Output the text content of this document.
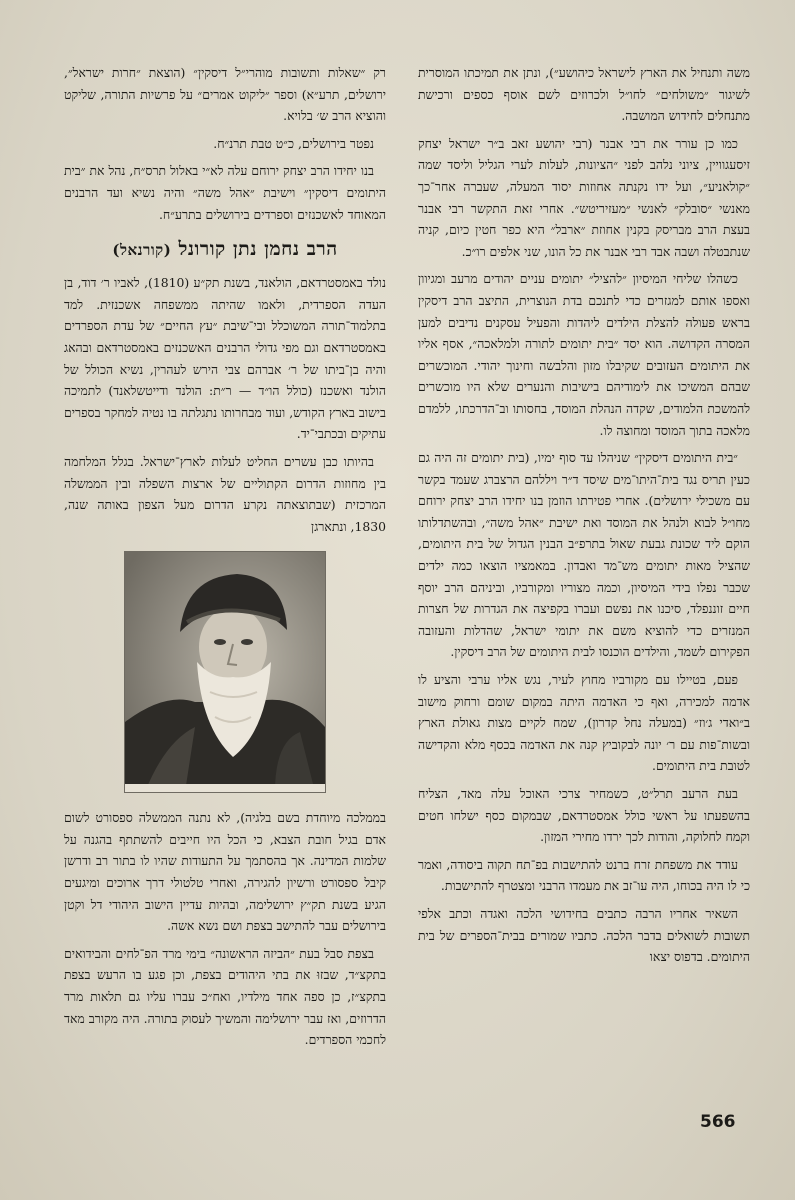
משה ותנחיל את הארץ לישראל כיהושע״), ונתן את תמיכתו המוסרית לשיגור ״משולחים״ לחו״ל ולכרוזים לשם אוסף כספים ורכישת מתנחלים לחידוש המושבה.

כמו כן עורר את רבי אבנר (רבי יהושע זאב ב״ר ישראל יצחק זיסעגוויין, ציוני נלהב לפני ״הציונות, לעלות לערי הגליל וליסד שמה ״קולאניע״, ועל ידו נקנתה אחוזות יסוד המעלה, שעברה אחר־כך מאנשי ״סובלק״ לאנשי ״מעזיריטש״. אחרי זאת התקשר רבי אבנר בעצת הרב מבריסק בקנין אחוזת ״ארבל״ היא כפר חטין כיום, קניה שנתבטלה ושבה אבד רבי אבנר את כל הונו, שני אלפים רו״כ.

כשהלו שליחי המיסיון ״להציל״ יתומים עניים יהודים מרעב ומגיוון ואספו אותם למגזרים כדי לתנכם בדת הנוצרית, התיצב הרב דיסקין בראש פעולה להצלת הילדים ליהדות והפעיל עסקנים נדיבים למען המסרה הקדושה. הוא יסד ״בית יתומים לתורה ולמלאכה״, אסף אליו את היתומים העזובים שקיבלו מזון והלבשה וחינוך יהודי. המוכשרים שבהם המשיכו את לימודיהם בישיבות והנערים שלא היו מוכשרים להמשכת הלמודים, שקדה הנהלת המוסד, בחסותו וב־הדרכתו, ללמדם מלאכה בתוך המוסד ומחוצה לו.

״בית היתומים דיסקין״ שניהלו עד סוף ימיו, (בית יתומים זה היה גם כעין תריס נגד בית־היתו־מים שיסד ד״ר ויללהם הרצברג שעמד בקשר עם משכילי ירושלים). אחרי פטירתו הוזמן בנו יחידו הרב יצחק ירוחם מחו״ל לבוא ולנהל את המוסד ואת ישיבת ״אהל משה״, ובהשתדלותו הוקם ליד שכונת גבעת שאול בתרפ״ב הבנין הגדול של בית היתומים, שהציל מאות יתומים מש־מד ואבדון. במאמציו הוצאו כמה ילדים שכבר נפלו בידי המיסיון, וכמה מצוריו ומקורביו, וביניהם הרב יוסף חיים זוננפלד, סיכנו את נפשם ועברו בקפיצה את הגדרות של חצרות המנזרים כדי להוציא משם את יתומי ישראל, שהדלות והעזובה הפקירום לשמד, והילדים הוכנסו לבית היתומים של הרב דיסקין.

פעם, בטיילו עם מקורביו מחוץ לעיר, נגש אליו ערבי והציע לו אדמה למכירה, ואף כי האדמה היתה במקום שומם ורחוק מישוב ב״ואדי ג׳וז״ (במעלה נחל קדרון), שמח לקיים מצות גאולת הארץ ובשות־פות עם ר׳ יונה לבקוביץ קנה את האדמה בכסף מלא והקדישה לטובת בית היתומים.

בעת הרעב תרל״ט, כשמחיר צרכי האוכל עלה מאד, הצליח בהשפעתו על ראשי כולל אמסטרדאם, שבמקום כסף ישלחו חטים וקמח לחלוקה, והודות לכך ירדו מחירי המזון.

עודד את משפחת זרח ברנט להתישבות בפ־תח תקוה ביסודה, ואמר כי לו היה בכוחו, היה עו־זב את מעמדו הרבני ומצטרף להתישבות.

השאיר אחריו הרבה כתבים בחידושי הלכה ואגדה וכתב אלפי תשובות לשואלים בדבר הלכה. כתביו שמורים בבית־הספרים של בית היתומים. בדפוס יצאו

רק ״שאלות ותשובות מוהרי״ל דיסקין״ (הוצאת ״חרות ישראל״, ירושלים, תרע״א) וספר ״ליקוט אמרים״ על פרשיות התורה, שליקט והוציא הרב ש׳ בלויא.

נפטר בירושלים, כ״ט טבת תרנ״ח.

בנו יחידו הרב יצחק ירוחם עלה לא״י באלול תרס״ח, נהל את ״בית היתומים דיסקין״ וישיבת ״אהל משה״ והיה נשיא ועד הרבנים המאוחד לאשכנזים וספרדים בירושלים בתרע״ח.

הרב נחמן נתן קורונל (קורנאל)

נולד באמסטרדאם, הולאנד, בשנת תק״ע (1810), לאביו ר׳ דוד, בן העדה הספרדית, ולאמו שהיתה ממשפחה אשכנזית. למד בתלמוד־תורה המשוכלל ובי־שיבת ״עץ החיים״ של עדת הספרדים באמסטרדאם וגם מפי גדולי הרבנים האשכנזים באמסטרדאם ובהאג והיה בן־ביתו של ר׳ אברהם צבי הירש לעהרין, נשיא הכולל של הולנד ואשכנז (כולל הו״ד — ר״ת: הולנד ודייטשלאנד) לתמיכה בישוב בארץ הקודש, ועוד מבחרותו נתגלתה בו נטיה למחקר בספרים עתיקים ובכתבי־יד.

בהיותו כבן עשרים החליט לעלות לארץ־ישראל. בגלל המלחמה בין מחוזות הדרום הקתוליים של ארצות השפלה ובין הממשלה המרכזית (שבתוצאתה נקרע הדרום מעל הצפון באותה שנה, 1830, ונתארגן

בממלכה מיוחדת בשם בלגיה), לא נתנה הממשלה ספסורט לשום אדם בגיל חובת הצבא, כי הכל היו חייבים להשתתף בהגנה על שלמות המדינה. אך בהסתמך על התעודות שהיו לו בתור רב ודרשן קיבל ספסורט ורשיון להגירה, ואחרי טלטולי דרך ארוכים ומיגעים הגיע בשנת תק״ץ ירושלימה, ובהיות עדיין הישוב היהודי דל וקטן בירושלים עבר להתישב בצפת ושם נשא אשה.

בצפת סבל בעת ״הביזה הראשונה״ בימי מרד הפ־לחים והבידואים בתקצ״ד, שבזוּ את בתי היהודים בצפת, וכן פגע בו הרעש בצפת בתקצ״ז, כן ספה אחד מילדיו, ואח״כ עברו עליו גם תלאות מרד הדרוזים, ואז עבר ירושלימה והמשיך לעסוק בתורה. היה מקורב מאד לחכמי הספרדים.

566
